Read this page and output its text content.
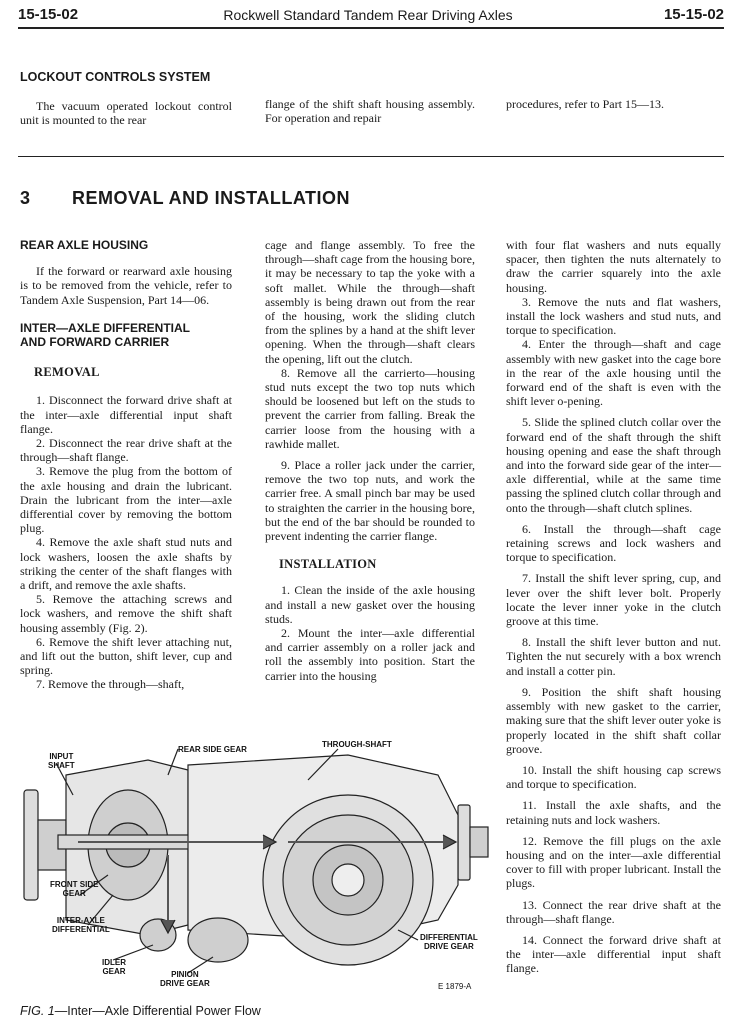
15-15-02	Rockwell Standard Tandem Rear Driving Axles	15-15-02
LOCKOUT CONTROLS SYSTEM

The vacuum operated lockout control unit is mounted to the rear

flange of the shift shaft housing assembly. For operation and repair

procedures, refer to Part 15—13.

3 REMOVAL AND INSTALLATION
REAR AXLE HOUSING

If the forward or rearward axle housing is to be removed from the vehicle, refer to Tandem Axle Suspension, Part 14—06.

INTER—AXLE DIFFERENTIAL
AND FORWARD CARRIER
REMOVAL

1. Disconnect the forward drive shaft at the inter—axle differential input shaft flange.

2. Disconnect the rear drive shaft at the through—shaft flange.

3. Remove the plug from the bottom of the axle housing and drain the lubricant. Drain the lubricant from the inter—axle differential cover by removing the bottom plug.

4. Remove the axle shaft stud nuts and lock washers, loosen the axle shafts by striking the center of the shaft flanges with a drift, and remove the axle shafts.

5. Remove the attaching screws and lock washers, and remove the shift shaft housing assembly (Fig. 2).

6. Remove the shift lever attaching nut, and lift out the button, shift lever, cup and spring.

7. Remove the through—shaft,

cage and flange assembly. To free the through—shaft cage from the housing bore, it may be necessary to tap the yoke with a soft mallet. While the through—shaft assembly is being drawn out from the rear of the housing, work the sliding clutch from the splines by a hand at the shift lever opening. When the through—shaft clears the opening, lift out the clutch.

8. Remove all the carrierto—housing stud nuts except the two top nuts which should be loosened but left on the studs to prevent the carrier from falling. Break the carrier loose from the housing with a rawhide mallet.

9. Place a roller jack under the carrier, remove the two top nuts, and work the carrier free. A small pinch bar may be used to straighten the carrier in the housing bore, but the end of the bar should be rounded to prevent indenting the carrier flange.

INSTALLATION

1. Clean the inside of the axle housing and install a new gasket over the housing studs.

2. Mount the inter—axle differential and carrier assembly on a roller jack and roll the assembly into position. Start the carrier into the housing

with four flat washers and nuts equally spacer, then tighten the nuts alternately to draw the carrier squarely into the axle housing.

3. Remove the nuts and flat washers, install the lock washers and stud nuts, and torque to specification.

4. Enter the through—shaft and cage assembly with new gasket into the cage bore in the rear of the axle housing until the forward end of the shaft is even with the shift lever o-pening.

5. Slide the splined clutch collar over the forward end of the shaft through the shift housing opening and ease the shaft through and into the forward side gear of the inter—axle differential, while at the same time passing the splined clutch collar through and onto the through—shaft clutch splines.

6. Install the through—shaft cage retaining screws and lock washers and torque to specification.

7. Install the shift lever spring, cup, and lever over the shift lever bolt. Properly locate the lever inner yoke in the clutch groove at this time.

8. Install the shift lever button and nut. Tighten the nut securely with a box wrench and install a cotter pin.

9. Position the shift shaft housing assembly with new gasket to the carrier, making sure that the shift lever outer yoke is properly located in the shift shaft collar groove.

10. Install the shift housing cap screws and torque to specification.

11. Install the axle shafts, and the retaining nuts and lock washers.

12. Remove the fill plugs on the axle housing and on the inter—axle differential cover to fill with proper lubricant. Install the plugs.

13. Connect the rear drive shaft at the through—shaft flange.

14. Connect the forward drive shaft at the inter—axle differential input shaft flange.

INPUT
SHAFT
REAR SIDE GEAR
THROUGH-SHAFT
FRONT SIDE
GEAR
INTER-AXLE
DIFFERENTIAL
IDLER
GEAR	PINION
DRIVE GEAR
DIFFERENTIAL
DRIVE GEAR
E 1879-A
FIG. 1—Inter—Axle Differential Power Flow
